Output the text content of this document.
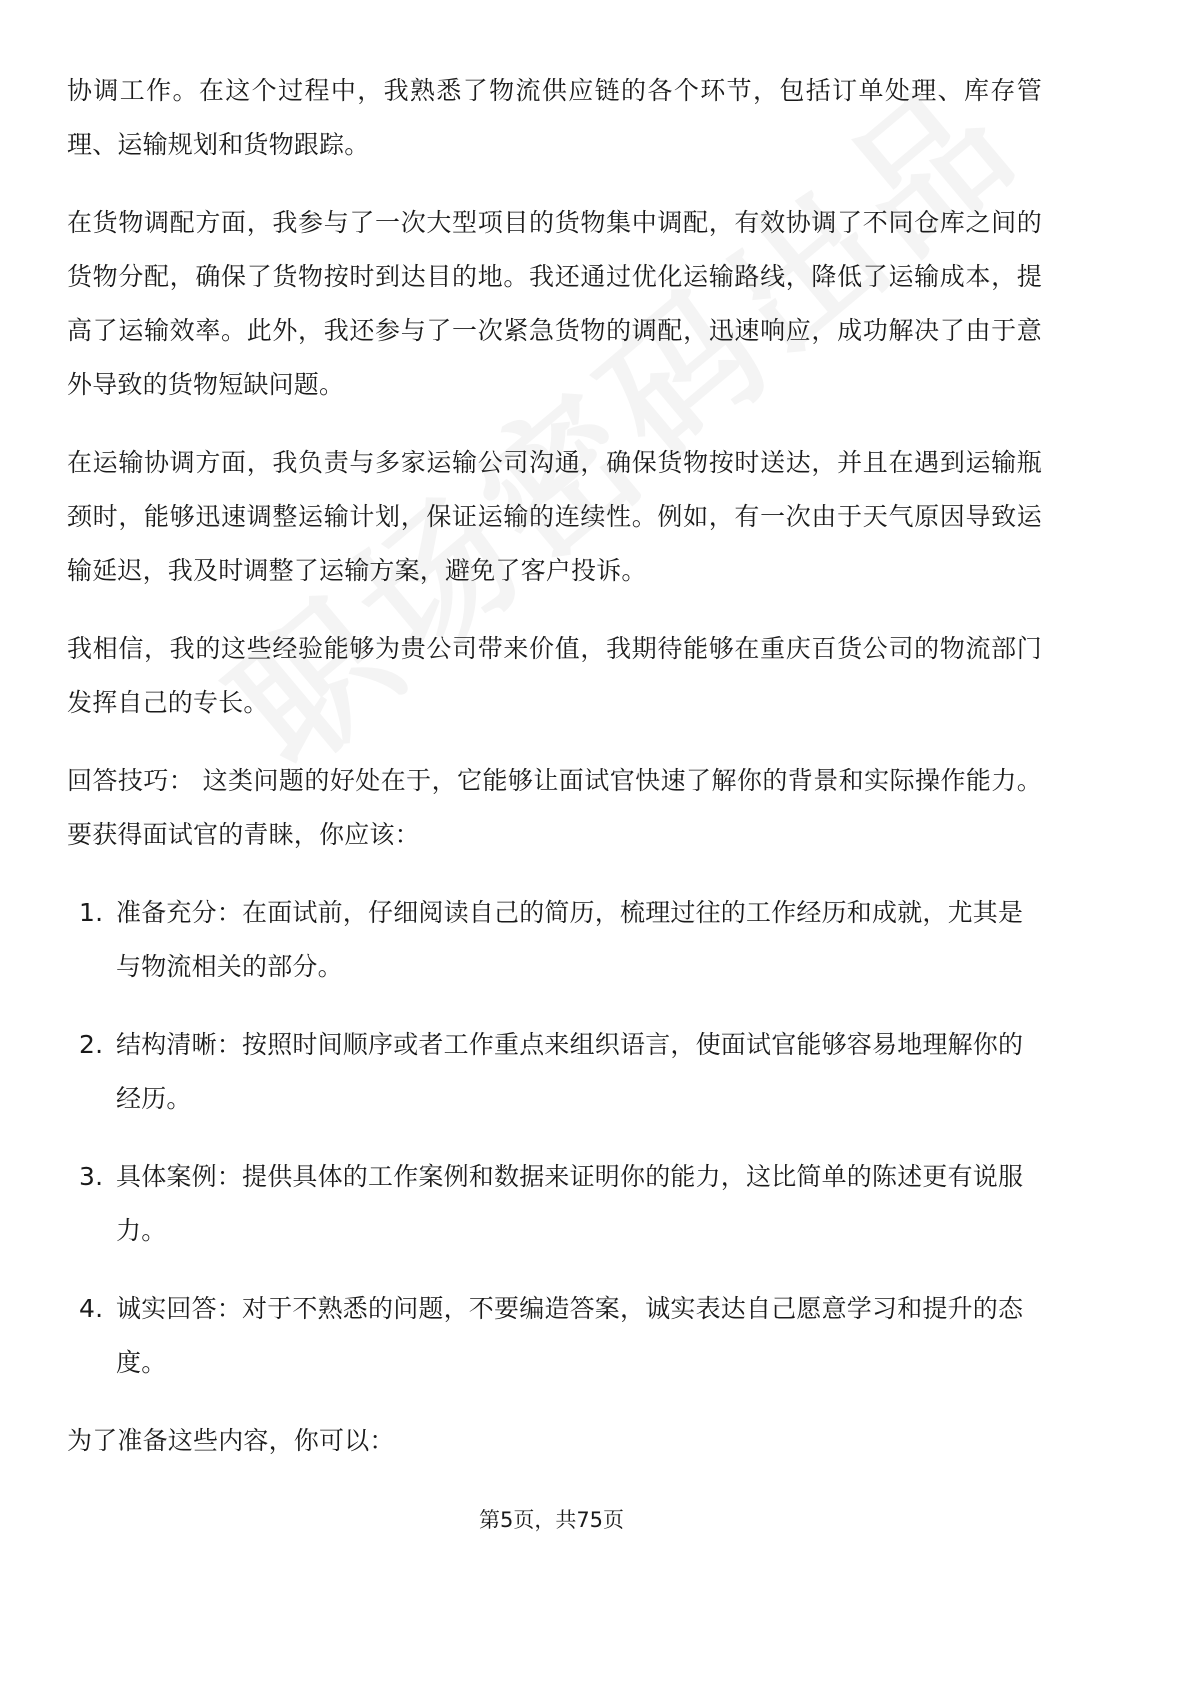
协调工作。在这个过程中，我熟悉了物流供应链的各个环节，包括订单处理、库存管理、运输规划和货物跟踪。

在货物调配方面，我参与了一次大型项目的货物集中调配，有效协调了不同仓库之间的货物分配，确保了货物按时到达目的地。我还通过优化运输路线，降低了运输成本，提高了运输效率。此外，我还参与了一次紧急货物的调配，迅速响应，成功解决了由于意外导致的货物短缺问题。

在运输协调方面，我负责与多家运输公司沟通，确保货物按时送达，并且在遇到运输瓶颈时，能够迅速调整运输计划，保证运输的连续性。例如，有一次由于天气原因导致运输延迟，我及时调整了运输方案，避免了客户投诉。

我相信，我的这些经验能够为贵公司带来价值，我期待能够在重庆百货公司的物流部门发挥自己的专长。

回答技巧： 这类问题的好处在于，它能够让面试官快速了解你的背景和实际操作能力。要获得面试官的青睐，你应该：

1. 准备充分：在面试前，仔细阅读自己的简历，梳理过往的工作经历和成就，尤其是与物流相关的部分。
2. 结构清晰：按照时间顺序或者工作重点来组织语言，使面试官能够容易地理解你的经历。
3. 具体案例：提供具体的工作案例和数据来证明你的能力，这比简单的陈述更有说服力。
4. 诚实回答：对于不熟悉的问题，不要编造答案，诚实表达自己愿意学习和提升的态度。

为了准备这些内容，你可以：

第5页，共75页
